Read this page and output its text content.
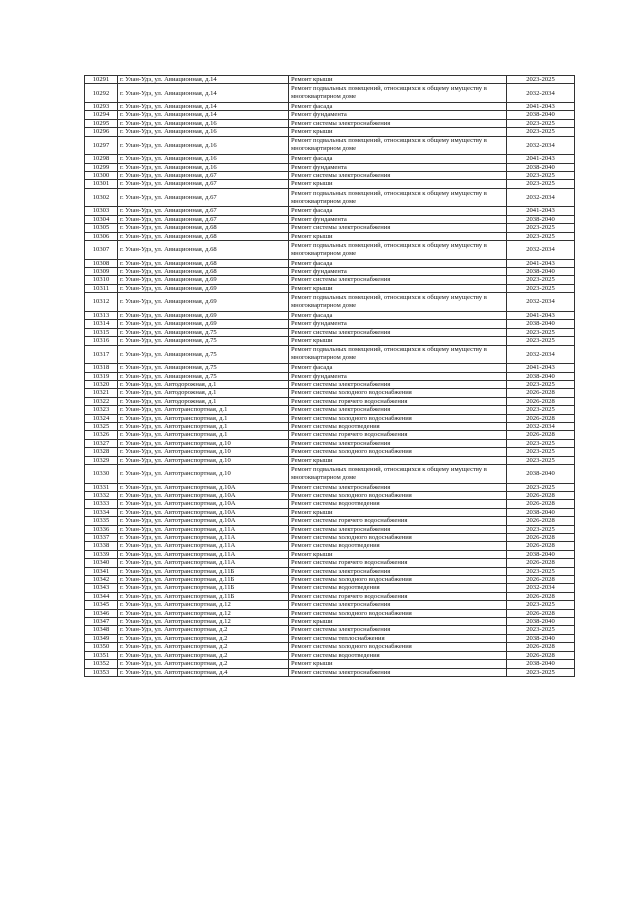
10291	г. Улан-Удэ, ул. Авиационная, д.14	Ремонт крыши	2023-2025
10292	г. Улан-Удэ, ул. Авиационная, д.14	Ремонт подвальных помещений, относящихся к общему имуществу в многоквартирном доме	2032-2034
10293	г. Улан-Удэ, ул. Авиационная, д.14	Ремонт фасада	2041-2043
10294	г. Улан-Удэ, ул. Авиационная, д.14	Ремонт фундамента	2038-2040
10295	г. Улан-Удэ, ул. Авиационная, д.16	Ремонт системы электроснабжения	2023-2025
10296	г. Улан-Удэ, ул. Авиационная, д.16	Ремонт крыши	2023-2025
10297	г. Улан-Удэ, ул. Авиационная, д.16	Ремонт подвальных помещений, относящихся к общему имуществу в многоквартирном доме	2032-2034
10298	г. Улан-Удэ, ул. Авиационная, д.16	Ремонт фасада	2041-2043
10299	г. Улан-Удэ, ул. Авиационная, д.16	Ремонт фундамента	2038-2040
10300	г. Улан-Удэ, ул. Авиационная, д.67	Ремонт системы электроснабжения	2023-2025
10301	г. Улан-Удэ, ул. Авиационная, д.67	Ремонт крыши	2023-2025
10302	г. Улан-Удэ, ул. Авиационная, д.67	Ремонт подвальных помещений, относящихся к общему имуществу в многоквартирном доме	2032-2034
10303	г. Улан-Удэ, ул. Авиационная, д.67	Ремонт фасада	2041-2043
10304	г. Улан-Удэ, ул. Авиационная, д.67	Ремонт фундамента	2038-2040
10305	г. Улан-Удэ, ул. Авиационная, д.68	Ремонт системы электроснабжения	2023-2025
10306	г. Улан-Удэ, ул. Авиационная, д.68	Ремонт крыши	2023-2025
10307	г. Улан-Удэ, ул. Авиационная, д.68	Ремонт подвальных помещений, относящихся к общему имуществу в многоквартирном доме	2032-2034
10308	г. Улан-Удэ, ул. Авиационная, д.68	Ремонт фасада	2041-2043
10309	г. Улан-Удэ, ул. Авиационная, д.68	Ремонт фундамента	2038-2040
10310	г. Улан-Удэ, ул. Авиационная, д.69	Ремонт системы электроснабжения	2023-2025
10311	г. Улан-Удэ, ул. Авиационная, д.69	Ремонт крыши	2023-2025
10312	г. Улан-Удэ, ул. Авиационная, д.69	Ремонт подвальных помещений, относящихся к общему имуществу в многоквартирном доме	2032-2034
10313	г. Улан-Удэ, ул. Авиационная, д.69	Ремонт фасада	2041-2043
10314	г. Улан-Удэ, ул. Авиационная, д.69	Ремонт фундамента	2038-2040
10315	г. Улан-Удэ, ул. Авиационная, д.75	Ремонт системы электроснабжения	2023-2025
10316	г. Улан-Удэ, ул. Авиационная, д.75	Ремонт крыши	2023-2025
10317	г. Улан-Удэ, ул. Авиационная, д.75	Ремонт подвальных помещений, относящихся к общему имуществу в многоквартирном доме	2032-2034
10318	г. Улан-Удэ, ул. Авиационная, д.75	Ремонт фасада	2041-2043
10319	г. Улан-Удэ, ул. Авиационная, д.75	Ремонт фундамента	2038-2040
10320	г. Улан-Удэ, ул. Автодорожная, д.1	Ремонт системы электроснабжения	2023-2025
10321	г. Улан-Удэ, ул. Автодорожная, д.1	Ремонт системы холодного водоснабжения	2026-2028
10322	г. Улан-Удэ, ул. Автодорожная, д.1	Ремонт системы горячего водоснабжения	2026-2028
10323	г. Улан-Удэ, ул. Автотранспортная, д.1	Ремонт системы электроснабжения	2023-2025
10324	г. Улан-Удэ, ул. Автотранспортная, д.1	Ремонт системы холодного водоснабжения	2026-2028
10325	г. Улан-Удэ, ул. Автотранспортная, д.1	Ремонт системы водоотведения	2032-2034
10326	г. Улан-Удэ, ул. Автотранспортная, д.1	Ремонт системы горячего водоснабжения	2026-2028
10327	г. Улан-Удэ, ул. Автотранспортная, д.10	Ремонт системы электроснабжения	2023-2025
10328	г. Улан-Удэ, ул. Автотранспортная, д.10	Ремонт системы холодного водоснабжения	2023-2025
10329	г. Улан-Удэ, ул. Автотранспортная, д.10	Ремонт крыши	2023-2025
10330	г. Улан-Удэ, ул. Автотранспортная, д.10	Ремонт подвальных помещений, относящихся к общему имуществу в многоквартирном доме	2038-2040
10331	г. Улан-Удэ, ул. Автотранспортная, д.10А	Ремонт системы электроснабжения	2023-2025
10332	г. Улан-Удэ, ул. Автотранспортная, д.10А	Ремонт системы холодного водоснабжения	2026-2028
10333	г. Улан-Удэ, ул. Автотранспортная, д.10А	Ремонт системы водоотведения	2026-2028
10334	г. Улан-Удэ, ул. Автотранспортная, д.10А	Ремонт крыши	2038-2040
10335	г. Улан-Удэ, ул. Автотранспортная, д.10А	Ремонт системы горячего водоснабжения	2026-2028
10336	г. Улан-Удэ, ул. Автотранспортная, д.11А	Ремонт системы электроснабжения	2023-2025
10337	г. Улан-Удэ, ул. Автотранспортная, д.11А	Ремонт системы холодного водоснабжения	2026-2028
10338	г. Улан-Удэ, ул. Автотранспортная, д.11А	Ремонт системы водоотведения	2026-2028
10339	г. Улан-Удэ, ул. Автотранспортная, д.11А	Ремонт крыши	2038-2040
10340	г. Улан-Удэ, ул. Автотранспортная, д.11А	Ремонт системы горячего водоснабжения	2026-2028
10341	г. Улан-Удэ, ул. Автотранспортная, д.11Б	Ремонт системы электроснабжения	2023-2025
10342	г. Улан-Удэ, ул. Автотранспортная, д.11Б	Ремонт системы холодного водоснабжения	2026-2028
10343	г. Улан-Удэ, ул. Автотранспортная, д.11Б	Ремонт системы водоотведения	2032-2034
10344	г. Улан-Удэ, ул. Автотранспортная, д.11Б	Ремонт системы горячего водоснабжения	2026-2028
10345	г. Улан-Удэ, ул. Автотранспортная, д.12	Ремонт системы электроснабжения	2023-2025
10346	г. Улан-Удэ, ул. Автотранспортная, д.12	Ремонт системы холодного водоснабжения	2026-2028
10347	г. Улан-Удэ, ул. Автотранспортная, д.12	Ремонт крыши	2038-2040
10348	г. Улан-Удэ, ул. Автотранспортная, д.2	Ремонт системы электроснабжения	2023-2025
10349	г. Улан-Удэ, ул. Автотранспортная, д.2	Ремонт системы теплоснабжения	2038-2040
10350	г. Улан-Удэ, ул. Автотранспортная, д.2	Ремонт системы холодного водоснабжения	2026-2028
10351	г. Улан-Удэ, ул. Автотранспортная, д.2	Ремонт системы водоотведения	2026-2028
10352	г. Улан-Удэ, ул. Автотранспортная, д.2	Ремонт крыши	2038-2040
10353	г. Улан-Удэ, ул. Автотранспортная, д.4	Ремонт системы электроснабжения	2023-2025
